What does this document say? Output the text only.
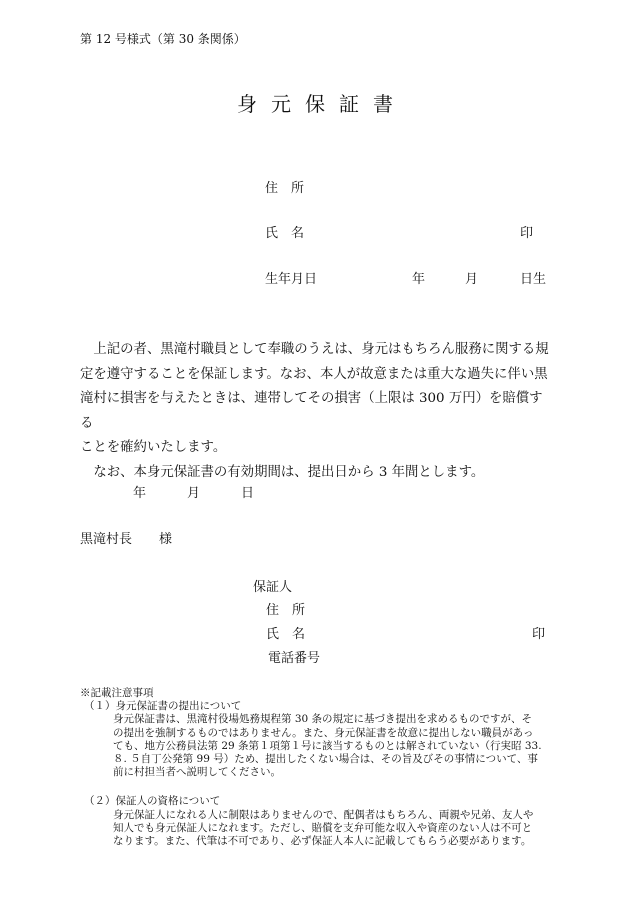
第 12 号様式（第 30 条関係）
身元保証書
住　所
氏　名	印
生年月日	年	月	日生

上記の者、黒滝村職員として奉職のうえは、身元はもちろん服務に関する規
定を遵守することを保証します。なお、本人が故意または重大な過失に伴い黒
滝村に損害を与えたときは、連帯してその損害（上限は 300 万円）を賠償する
ことを確約いたします。

なお、本身元保証書の有効期間は、提出日から 3 年間とします。

年	月	日
黒滝村長 様
保証人
住　所
氏　名	印
電話番号
※記載注意事項
（１）身元保証書の提出について
身元保証書は、黒滝村役場処務規程第 30 条の規定に基づき提出を求めるものですが、そ
の提出を強制するものではありません。また、身元保証書を故意に提出しない職員があっ
ても、地方公務員法第 29 条第１項第１号に該当するものとは解されていない（行実昭 33.
８. ５自丁公発第 99 号）ため、提出したくない場合は、その旨及びその事情について、事
前に村担当者へ説明してください。
（２）保証人の資格について
身元保証人になれる人に制限はありませんので、配偶者はもちろん、両親や兄弟、友人や
知人でも身元保証人になれます。ただし、賠償を支弁可能な収入や資産のない人は不可と
なります。また、代筆は不可であり、必ず保証人本人に記載してもらう必要があります。
